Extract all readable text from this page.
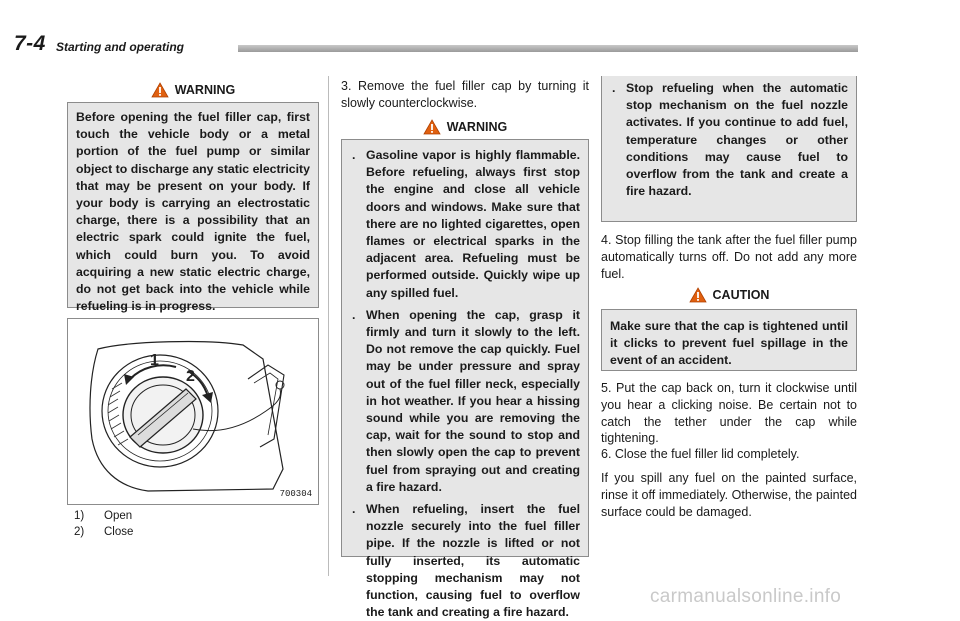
7-4 Starting and operating
WARNING

Before opening the fuel filler cap, first touch the vehicle body or a metal portion of the fuel pump or similar object to discharge any static electricity that may be present on your body. If your body is carrying an electrostatic charge, there is a possibility that an electric spark could ignite the fuel, which could burn you. To avoid acquiring a new static electric charge, do not get back into the vehicle while refueling is in progress.

1
2
700304
1) Open
2) Close
3. Remove the fuel filler cap by turning it slowly counterclockwise.
WARNING
. Gasoline vapor is highly flammable. Before refueling, always first stop the engine and close all vehicle doors and windows. Make sure that there are no lighted cigarettes, open flames or electrical sparks in the adjacent area. Refueling must be performed outside. Quickly wipe up any spilled fuel.
. When opening the cap, grasp it firmly and turn it slowly to the left. Do not remove the cap quickly. Fuel may be under pressure and spray out of the fuel filler neck, especially in hot weather. If you hear a hissing sound while you are removing the cap, wait for the sound to stop and then slowly open the cap to prevent fuel from spraying out and creating a fire hazard.
. When refueling, insert the fuel nozzle securely into the fuel filler pipe. If the nozzle is lifted or not fully inserted, its automatic stopping mechanism may not function, causing fuel to overflow the tank and creating a fire hazard.
. Stop refueling when the automatic stop mechanism on the fuel nozzle activates. If you continue to add fuel, temperature changes or other conditions may cause fuel to overflow from the tank and create a fire hazard.
4. Stop filling the tank after the fuel filler pump automatically turns off. Do not add any more fuel.
CAUTION

Make sure that the cap is tightened until it clicks to prevent fuel spillage in the event of an accident.

5. Put the cap back on, turn it clockwise until you hear a clicking noise. Be certain not to catch the tether under the cap while tightening.
6. Close the fuel filler lid completely.
If you spill any fuel on the painted surface, rinse it off immediately. Otherwise, the painted surface could be damaged.
carmanualsonline.info
